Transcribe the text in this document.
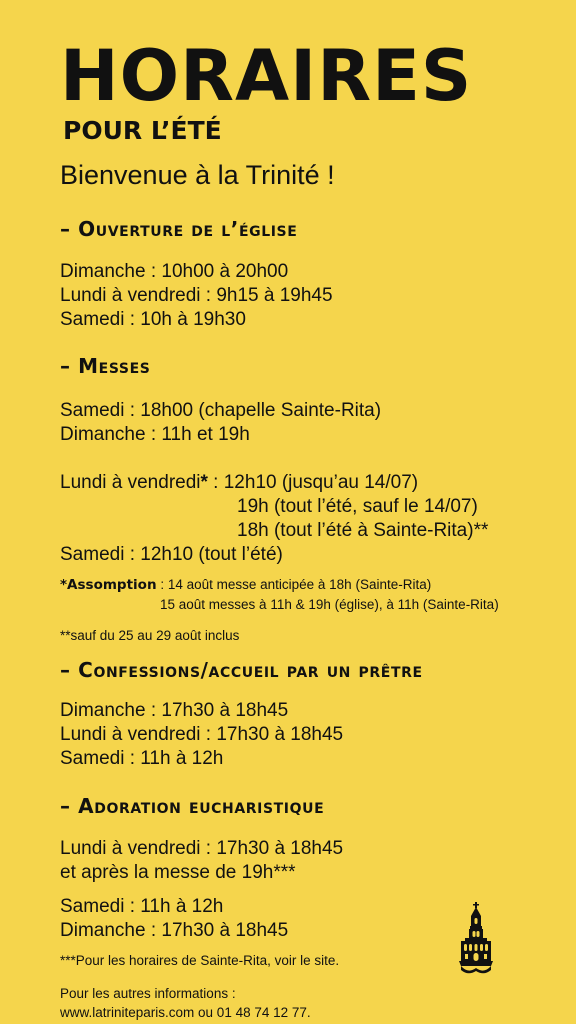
HORAIRES
POUR L’ÉTÉ
Bienvenue à la Trinité !
– Ouverture de l’église
Dimanche : 10h00 à 20h00
Lundi à vendredi : 9h15 à 19h45
Samedi : 10h à 19h30
– Messes
Samedi : 18h00 (chapelle Sainte-Rita)
Dimanche : 11h et 19h
Lundi à vendredi* : 12h10 (jusqu’au 14/07)
19h (tout l’été, sauf le 14/07)
18h (tout l’été à Sainte-Rita)**
Samedi : 12h10 (tout l’été)
*Assomption : 14 août messe anticipée à 18h (Sainte-Rita)
15 août messes à 11h & 19h (église), à 11h (Sainte-Rita)
**sauf du 25 au 29 août inclus
– Confessions/accueil par un prêtre
Dimanche : 17h30 à 18h45
Lundi à vendredi : 17h30 à 18h45
Samedi : 11h à 12h
– Adoration eucharistique
Lundi à vendredi : 17h30 à 18h45
et après la messe de 19h***
Samedi : 11h à 12h
Dimanche : 17h30 à 18h45
***Pour les horaires de Sainte-Rita, voir le site.
Pour les autres informations :
www.latriniteparis.com ou 01 48 74 12 77.
